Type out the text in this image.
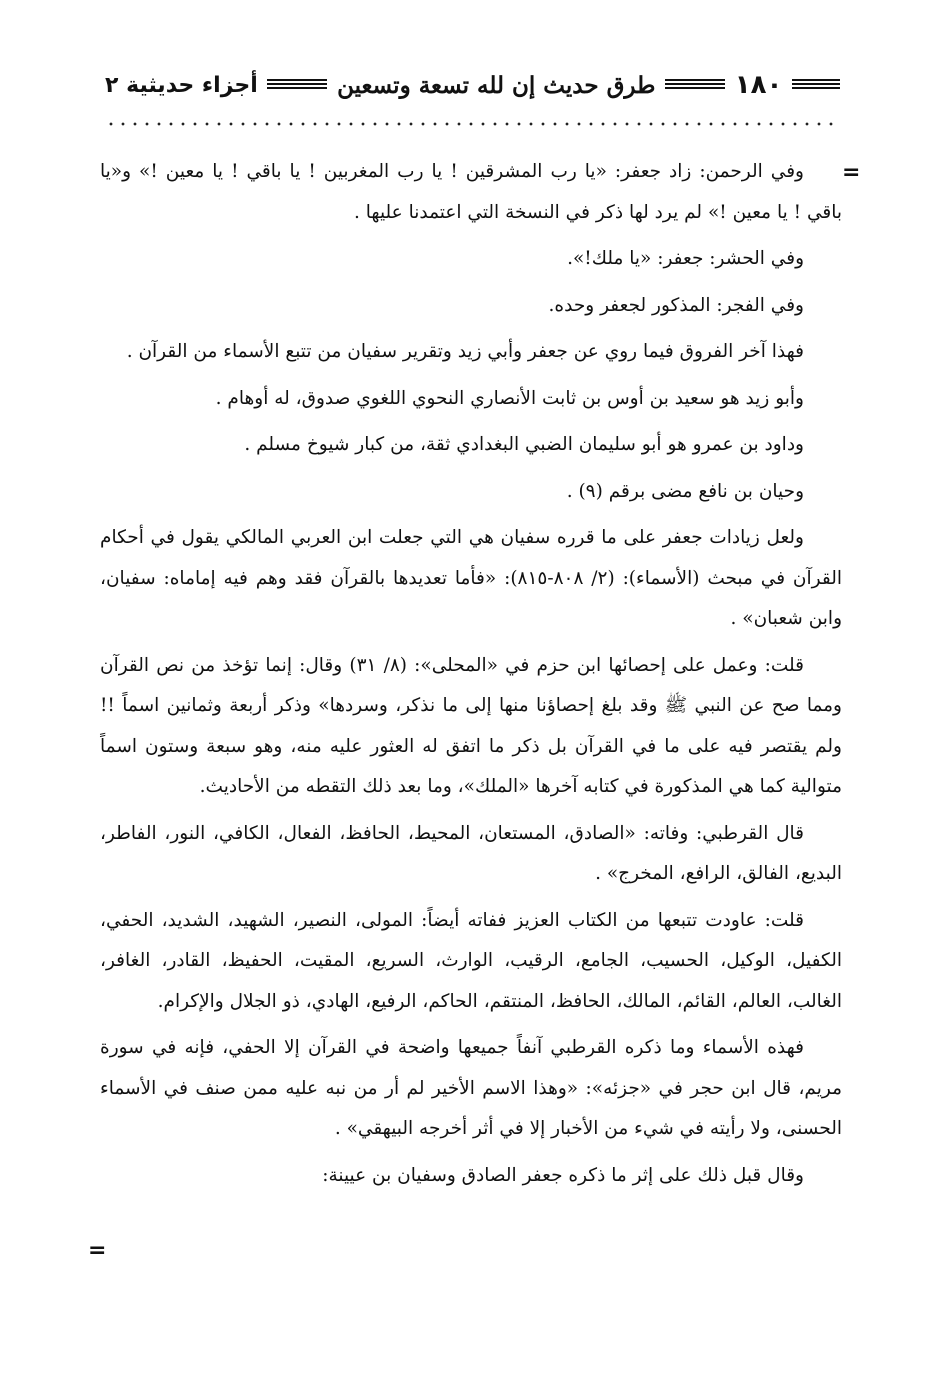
١٨٠
طرق حديث إن لله تسعة وتسعين
أجزاء حديثية ٢
=
=

وفي الرحمن: زاد جعفر: «يا رب المشرقين ! يا رب المغربين ! يا باقي ! يا معين !» و«يا باقي ! يا معين !» لم يرد لها ذكر في النسخة التي اعتمدنا عليها .

وفي الحشر: جعفر: «يا ملك!».

وفي الفجر: المذكور لجعفر وحده.

فهذا آخر الفروق فيما روي عن جعفر وأبي زيد وتقرير سفيان من تتبع الأسماء من القرآن .

وأبو زيد هو سعيد بن أوس بن ثابت الأنصاري النحوي اللغوي صدوق، له أوهام .

وداود بن عمرو هو أبو سليمان الضبي البغدادي ثقة، من كبار شيوخ مسلم .

وحيان بن نافع مضى برقم (٩) .

ولعل زيادات جعفر على ما قرره سفيان هي التي جعلت ابن العربي المالكي يقول في أحكام القرآن في مبحث (الأسماء): (٢/ ٨٠٨-٨١٥): «فأما تعديدها بالقرآن فقد وهم فيه إماماه: سفيان، وابن شعبان» .

قلت: وعمل على إحصائها ابن حزم في «المحلى»: (٨/ ٣١) وقال: إنما تؤخذ من نص القرآن ومما صح عن النبي ﷺ وقد بلغ إحصاؤنا منها إلى ما نذكر، وسردها» وذكر أربعة وثمانين اسماً !! ولم يقتصر فيه على ما في القرآن بل ذكر ما اتفق له العثور عليه منه، وهو سبعة وستون اسماً متوالية كما هي المذكورة في كتابه آخرها «الملك»، وما بعد ذلك التقطه من الأحاديث.

قال القرطبي: وفاته: «الصادق، المستعان، المحيط، الحافظ، الفعال، الكافي، النور، الفاطر، البديع، الفالق، الرافع، المخرج» .

قلت: عاودت تتبعها من الكتاب العزيز ففاته أيضاً: المولى، النصير، الشهيد، الشديد، الحفي، الكفيل، الوكيل، الحسيب، الجامع، الرقيب، الوارث، السريع، المقيت، الحفيظ، القادر، الغافر، الغالب، العالم، القائم، المالك، الحافظ، المنتقم، الحاكم، الرفيع، الهادي، ذو الجلال والإكرام.

فهذه الأسماء وما ذكره القرطبي آنفاً جميعها واضحة في القرآن إلا الحفي، فإنه في سورة مريم، قال ابن حجر في «جزئه»: «وهذا الاسم الأخير لم أر من نبه عليه ممن صنف في الأسماء الحسنى، ولا رأيته في شيء من الأخبار إلا في أثر أخرجه البيهقي» .

وقال قبل ذلك على إثر ما ذكره جعفر الصادق وسفيان بن عيينة:
